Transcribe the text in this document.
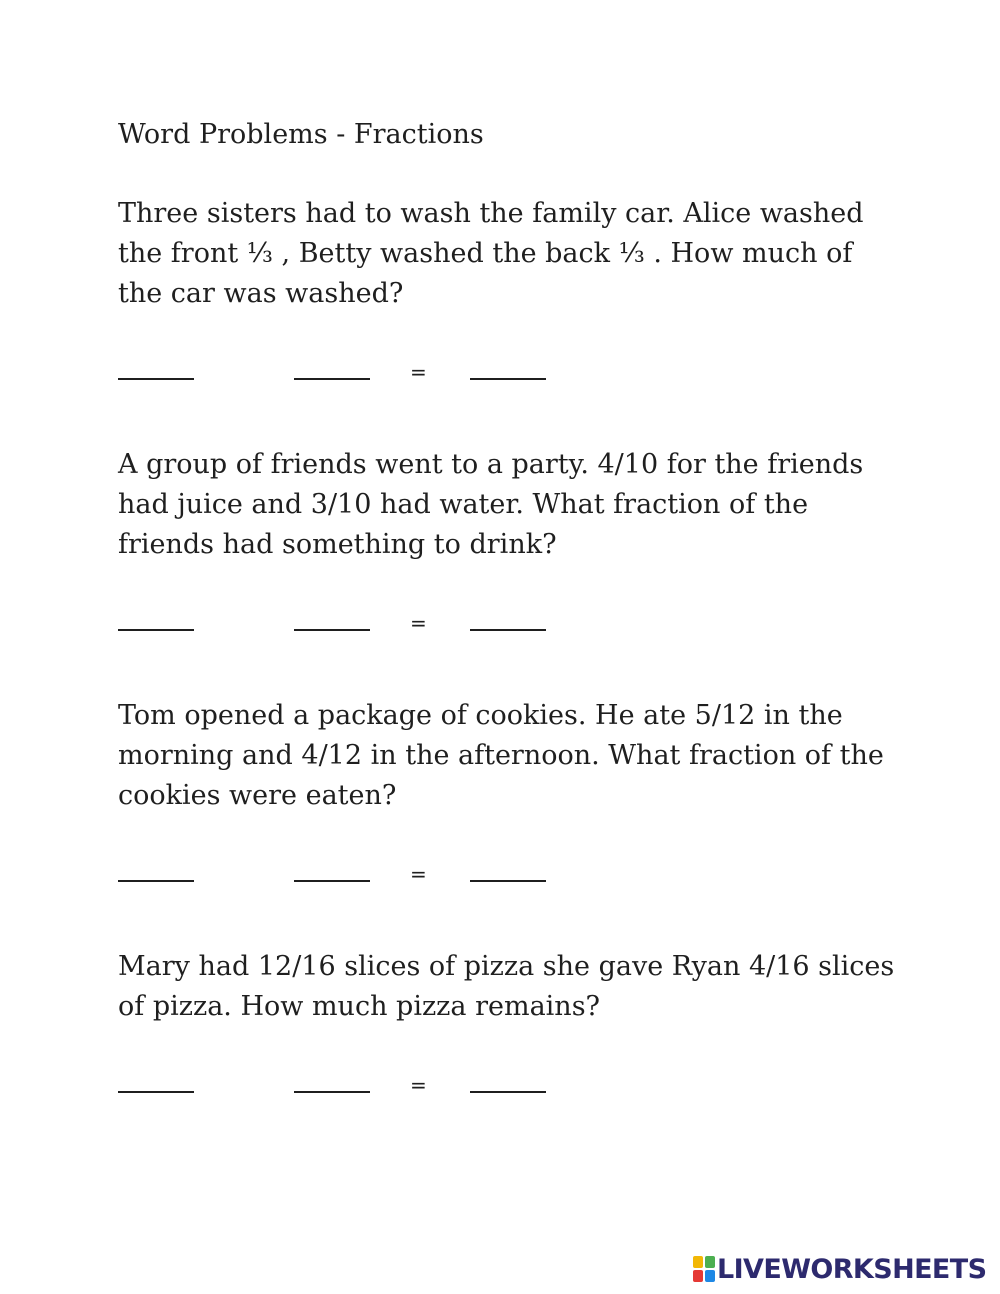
Word Problems - Fractions

Three sisters had to wash the family car. Alice washed the front ⅓ , Betty washed the back ⅓ . How much of the car was washed?

=

A group of friends went to a party. 4/10 for the friends had juice and 3/10 had water. What fraction of the friends had something to drink?

=

Tom opened a package of cookies. He ate 5/12 in the morning and 4/12 in the afternoon. What fraction of the cookies were eaten?

=

Mary had 12/16 slices of pizza she gave Ryan 4/16 slices of pizza. How much pizza remains?

=
LIVEWORKSHEETS
